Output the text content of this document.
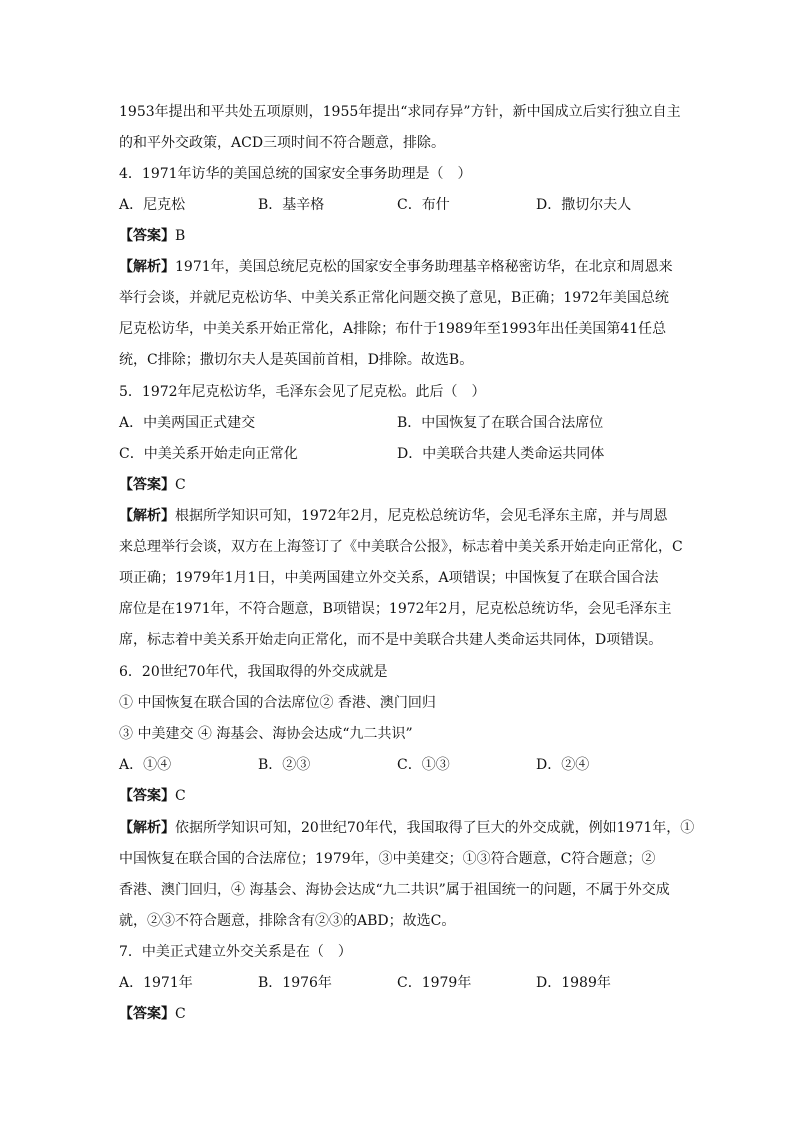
1953年提出和平共处五项原则，1955年提出“求同存异”方针，新中国成立后实行独立自主
的和平外交政策，ACD三项时间不符合题意，排除。
4．1971年访华的美国总统的国家安全事务助理是（　）
A．尼克松	B．基辛格	C．布什	D．撒切尔夫人
【答案】B
【解析】1971年，美国总统尼克松的国家安全事务助理基辛格秘密访华，在北京和周恩来
举行会谈，并就尼克松访华、中美关系正常化问题交换了意见，B正确；1972年美国总统
尼克松访华，中美关系开始正常化，A排除；布什于1989年至1993年出任美国第41任总
统，C排除；撒切尔夫人是英国前首相，D排除。故选B。
5．1972年尼克松访华，毛泽东会见了尼克松。此后（　）
A．中美两国正式建交	B．中国恢复了在联合国合法席位
C．中美关系开始走向正常化	D．中美联合共建人类命运共同体
【答案】C
【解析】根据所学知识可知，1972年2月，尼克松总统访华，会见毛泽东主席，并与周恩
来总理举行会谈，双方在上海签订了《中美联合公报》，标志着中美关系开始走向正常化，C
项正确；1979年1月1日，中美两国建立外交关系，A项错误；中国恢复了在联合国合法
席位是在1971年，不符合题意，B项错误；1972年2月，尼克松总统访华，会见毛泽东主
席，标志着中美关系开始走向正常化，而不是中美联合共建人类命运共同体，D项错误。
6．20世纪70年代，我国取得的外交成就是
① 中国恢复在联合国的合法席位② 香港、澳门回归
③ 中美建交 ④ 海基会、海协会达成“九二共识”
A．①④	B．②③	C．①③	D．②④
【答案】C
【解析】依据所学知识可知，20世纪70年代，我国取得了巨大的外交成就，例如1971年，①
中国恢复在联合国的合法席位；1979年，③中美建交；①③符合题意，C符合题意；②
香港、澳门回归，④ 海基会、海协会达成“九二共识”属于祖国统一的问题，不属于外交成
就，②③不符合题意，排除含有②③的ABD；故选C。
7．中美正式建立外交关系是在（　）
A．1971年	B．1976年	C．1979年	D．1989年
【答案】C
